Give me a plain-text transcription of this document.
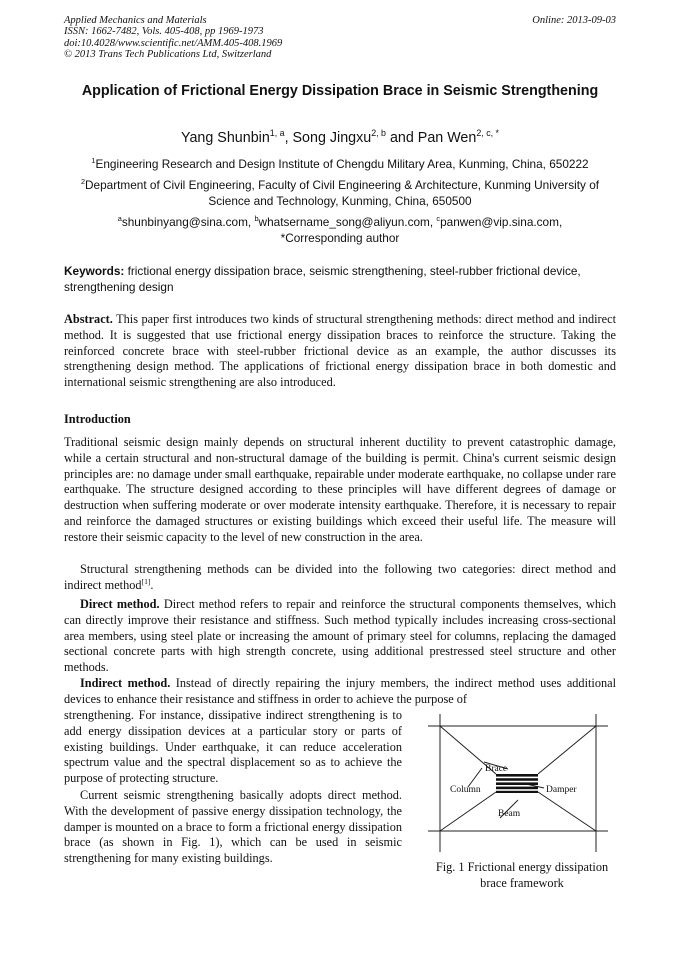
Applied Mechanics and Materials
ISSN: 1662-7482, Vols. 405-408, pp 1969-1973
doi:10.4028/www.scientific.net/AMM.405-408.1969
© 2013 Trans Tech Publications Ltd, Switzerland
Online: 2013-09-03
Application of Frictional Energy Dissipation Brace in Seismic Strengthening
Yang Shunbin$^{1, a}$, Song Jingxu$^{2, b}$ and Pan Wen$^{2, c, *}$
$^1$Engineering Research and Design Institute of Chengdu Military Area, Kunming, China, 650222
$^2$Department of Civil Engineering, Faculty of Civil Engineering & Architecture, Kunming University of Science and Technology, Kunming, China, 650500
$^a$shunbinyang@sina.com, $^b$whatsername_song@aliyun.com, $^c$panwen@vip.sina.com,
*Corresponding author
Keywords: frictional energy dissipation brace, seismic strengthening, steel-rubber frictional device, strengthening design
Abstract. This paper first introduces two kinds of structural strengthening methods: direct method and indirect method. It is suggested that use frictional energy dissipation braces to reinforce the structure. Taking the reinforced concrete brace with steel-rubber frictional device as an example, the author discusses its strengthening design method. The applications of frictional energy dissipation brace in both domestic and international seismic strengthening are also introduced.
Introduction
Traditional seismic design mainly depends on structural inherent ductility to prevent catastrophic damage, while a certain structural and non-structural damage of the building is permit. China's current seismic design principles are: no damage under small earthquake, repairable under moderate earthquake, no collapse under rare earthquake. The structure designed according to these principles will have different degrees of damage or destruction when suffering moderate or over moderate intensity earthquake. Therefore, it is necessary to repair and reinforce the damaged structures or existing buildings which exceed their useful life. The measure will restore their seismic capacity to the level of new construction in the area.
Structural strengthening methods can be divided into the following two categories: direct method and indirect method[1].
Direct method. Direct method refers to repair and reinforce the structural components themselves, which can directly improve their resistance and stiffness. Such method typically includes increasing cross-sectional area members, using steel plate or increasing the amount of primary steel for columns, replacing the damaged sectional concrete parts with high strength concrete, using additional prestressed steel structure and other methods.
Indirect method. Instead of directly repairing the injury members, the indirect method uses additional devices to enhance their resistance and stiffness in order to achieve the purpose of
strengthening. For instance, dissipative indirect strengthening is to add energy dissipation devices at a particular story or parts of existing buildings. Under earthquake, it can reduce acceleration spectrum value and the spectral displacement so as to achieve the purpose of protecting structure.
Current seismic strengthening basically adopts direct method. With the development of passive energy dissipation technology, the damper is mounted on a brace to form a frictional energy dissipation brace (as shown in Fig. 1), which can be used in seismic strengthening for many existing buildings.
Brace
Column	Damper
Beam
Fig. 1 Frictional energy dissipation brace framework
